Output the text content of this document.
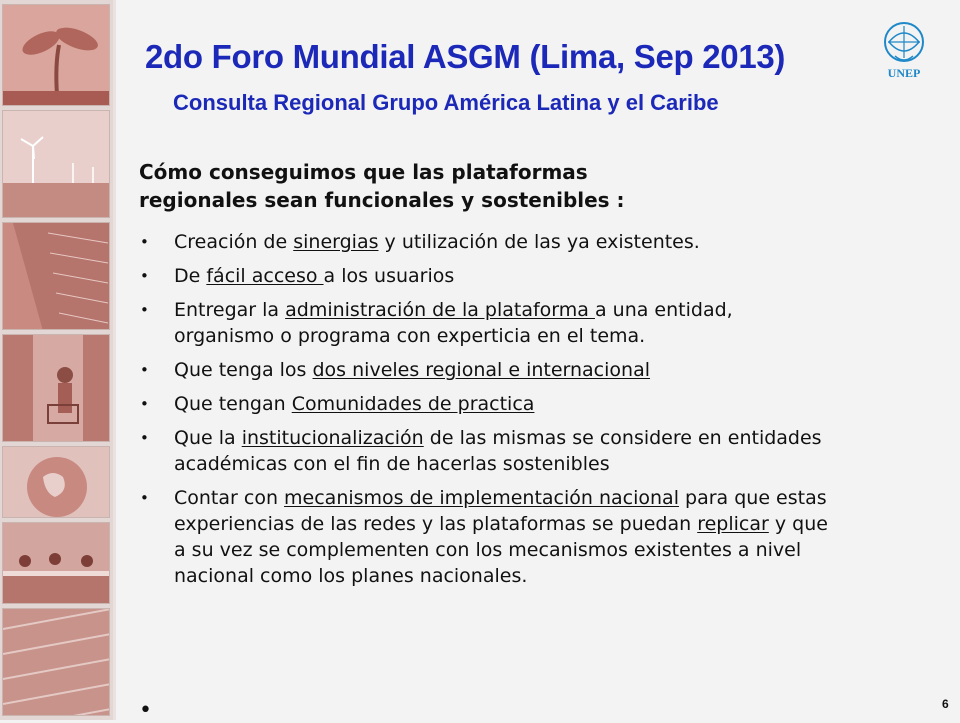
2do Foro Mundial ASGM (Lima, Sep 2013)
Consulta Regional Grupo América Latina y el Caribe
UNEP

Cómo conseguimos que las plataformas
regionales sean funcionales y sostenibles :

• Creación de sinergias y utilización de las ya existentes.
• De fácil acceso a los usuarios
• Entregar la administración de la plataforma a una entidad, organismo o programa con experticia en el tema.
• Que tenga los dos niveles regional e internacional
• Que tengan Comunidades de practica
• Que la institucionalización de las mismas se considere en entidades académicas con el fin de hacerlas sostenibles
• Contar con mecanismos de implementación nacional para que estas experiencias de las redes y las plataformas se puedan replicar y que a su vez se complementen con los mecanismos existentes a nivel nacional como los planes nacionales.
•	6
